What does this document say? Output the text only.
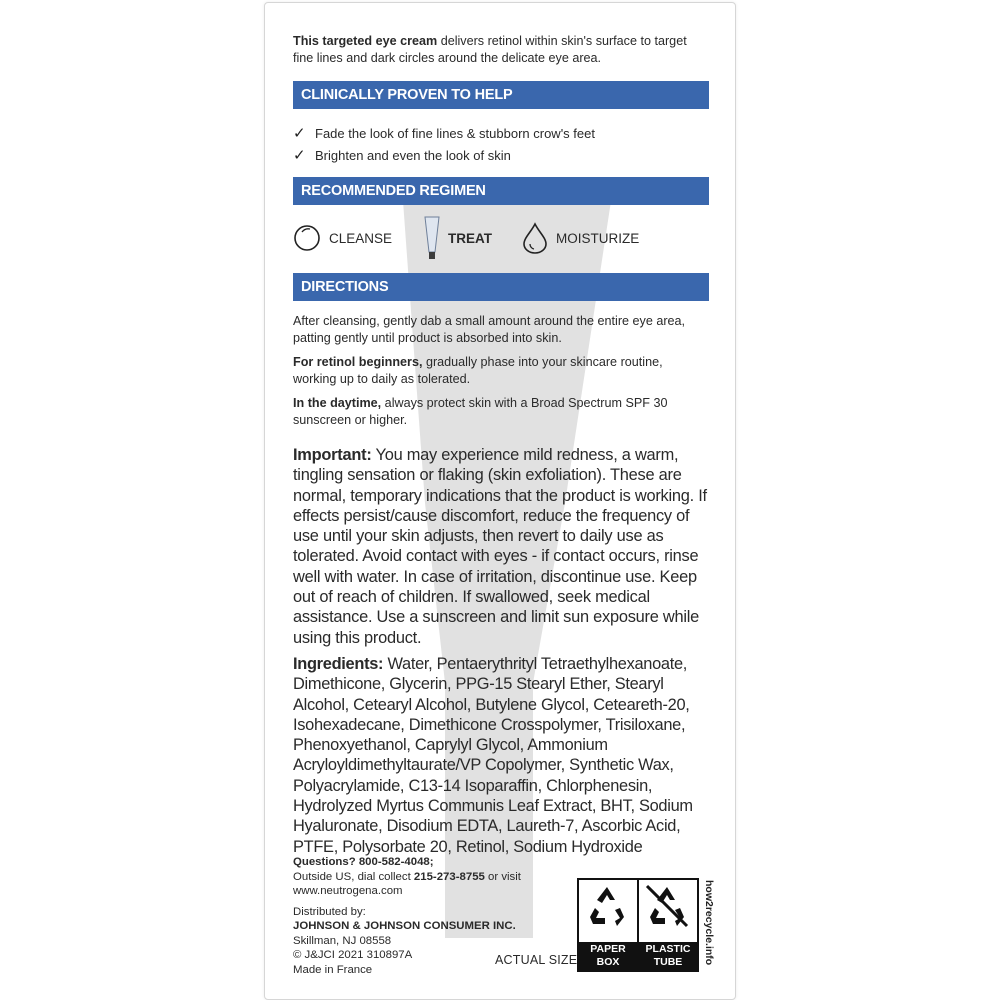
This targeted eye cream delivers retinol within skin's surface to target fine lines and dark circles around the delicate eye area.

CLINICALLY PROVEN TO HELP
✓ Fade the look of fine lines & stubborn crow's feet
✓ Brighten and even the look of skin
RECOMMENDED REGIMEN
CLEANSE	TREAT	MOISTURIZE
DIRECTIONS

After cleansing, gently dab a small amount around the entire eye area, patting gently until product is absorbed into skin.

For retinol beginners, gradually phase into your skincare routine, working up to daily as tolerated.

In the daytime, always protect skin with a Broad Spectrum SPF 30 sunscreen or higher.

Important: You may experience mild redness, a warm, tingling sensation or flaking (skin exfoliation). These are normal, temporary indications that the product is working. If effects persist/cause discomfort, reduce the frequency of use until your skin adjusts, then revert to daily use as tolerated. Avoid contact with eyes - if contact occurs, rinse well with water. In case of irritation, discontinue use. Keep out of reach of children. If swallowed, seek medical assistance. Use a sunscreen and limit sun exposure while using this product.
Ingredients: Water, Pentaerythrityl Tetraethylhexanoate, Dimethicone, Glycerin, PPG-15 Stearyl Ether, Stearyl Alcohol, Cetearyl Alcohol, Butylene Glycol, Ceteareth-20, Isohexadecane, Dimethicone Crosspolymer, Trisiloxane, Phenoxyethanol, Caprylyl Glycol, Ammonium Acryloyldimethyltaurate/VP Copolymer, Synthetic Wax, Polyacrylamide, C13-14 Isoparaffin, Chlorphenesin, Hydrolyzed Myrtus Communis Leaf Extract, BHT, Sodium Hyaluronate, Disodium EDTA, Laureth-7, Ascorbic Acid, PTFE, Polysorbate 20, Retinol, Sodium Hydroxide
Questions? 800-582-4048;
Outside US, dial collect 215-273-8755 or visit
www.neutrogena.com
Distributed by:
JOHNSON & JOHNSON CONSUMER INC.
Skillman, NJ 08558
© J&JCI 2021 310897A
Made in France
ACTUAL SIZE
PAPER
BOX
PLASTIC
TUBE	how2recycle.info
